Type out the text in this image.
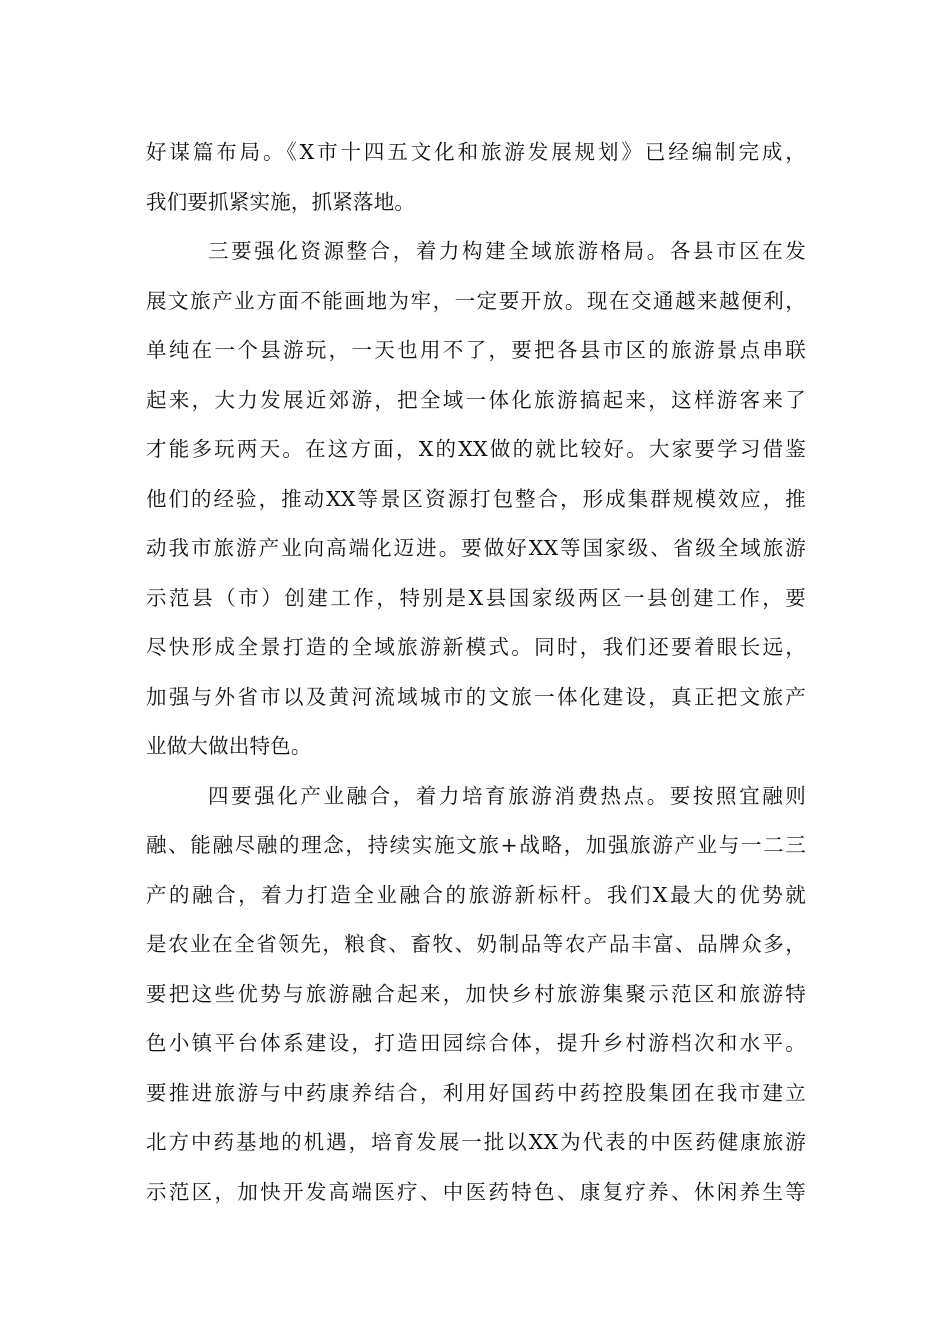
好谋篇布局。《X市十四五文化和旅游发展规划》已经编制完成，
我们要抓紧实施，抓紧落地。
三要强化资源整合，着力构建全域旅游格局。各县市区在发
展文旅产业方面不能画地为牢，一定要开放。现在交通越来越便利，
单纯在一个县游玩，一天也用不了，要把各县市区的旅游景点串联
起来，大力发展近郊游，把全域一体化旅游搞起来，这样游客来了
才能多玩两天。在这方面，X的XX做的就比较好。大家要学习借鉴
他们的经验，推动XX等景区资源打包整合，形成集群规模效应，推
动我市旅游产业向高端化迈进。要做好XX等国家级、省级全域旅游
示范县（市）创建工作，特别是X县国家级两区一县创建工作，要
尽快形成全景打造的全域旅游新模式。同时，我们还要着眼长远，
加强与外省市以及黄河流域城市的文旅一体化建设，真正把文旅产
业做大做出特色。
四要强化产业融合，着力培育旅游消费热点。要按照宜融则
融、能融尽融的理念，持续实施文旅+战略，加强旅游产业与一二三
产的融合，着力打造全业融合的旅游新标杆。我们X最大的优势就
是农业在全省领先，粮食、畜牧、奶制品等农产品丰富、品牌众多，
要把这些优势与旅游融合起来，加快乡村旅游集聚示范区和旅游特
色小镇平台体系建设，打造田园综合体，提升乡村游档次和水平。
要推进旅游与中药康养结合，利用好国药中药控股集团在我市建立
北方中药基地的机遇，培育发展一批以XX为代表的中医药健康旅游
示范区，加快开发高端医疗、中医药特色、康复疗养、休闲养生等
